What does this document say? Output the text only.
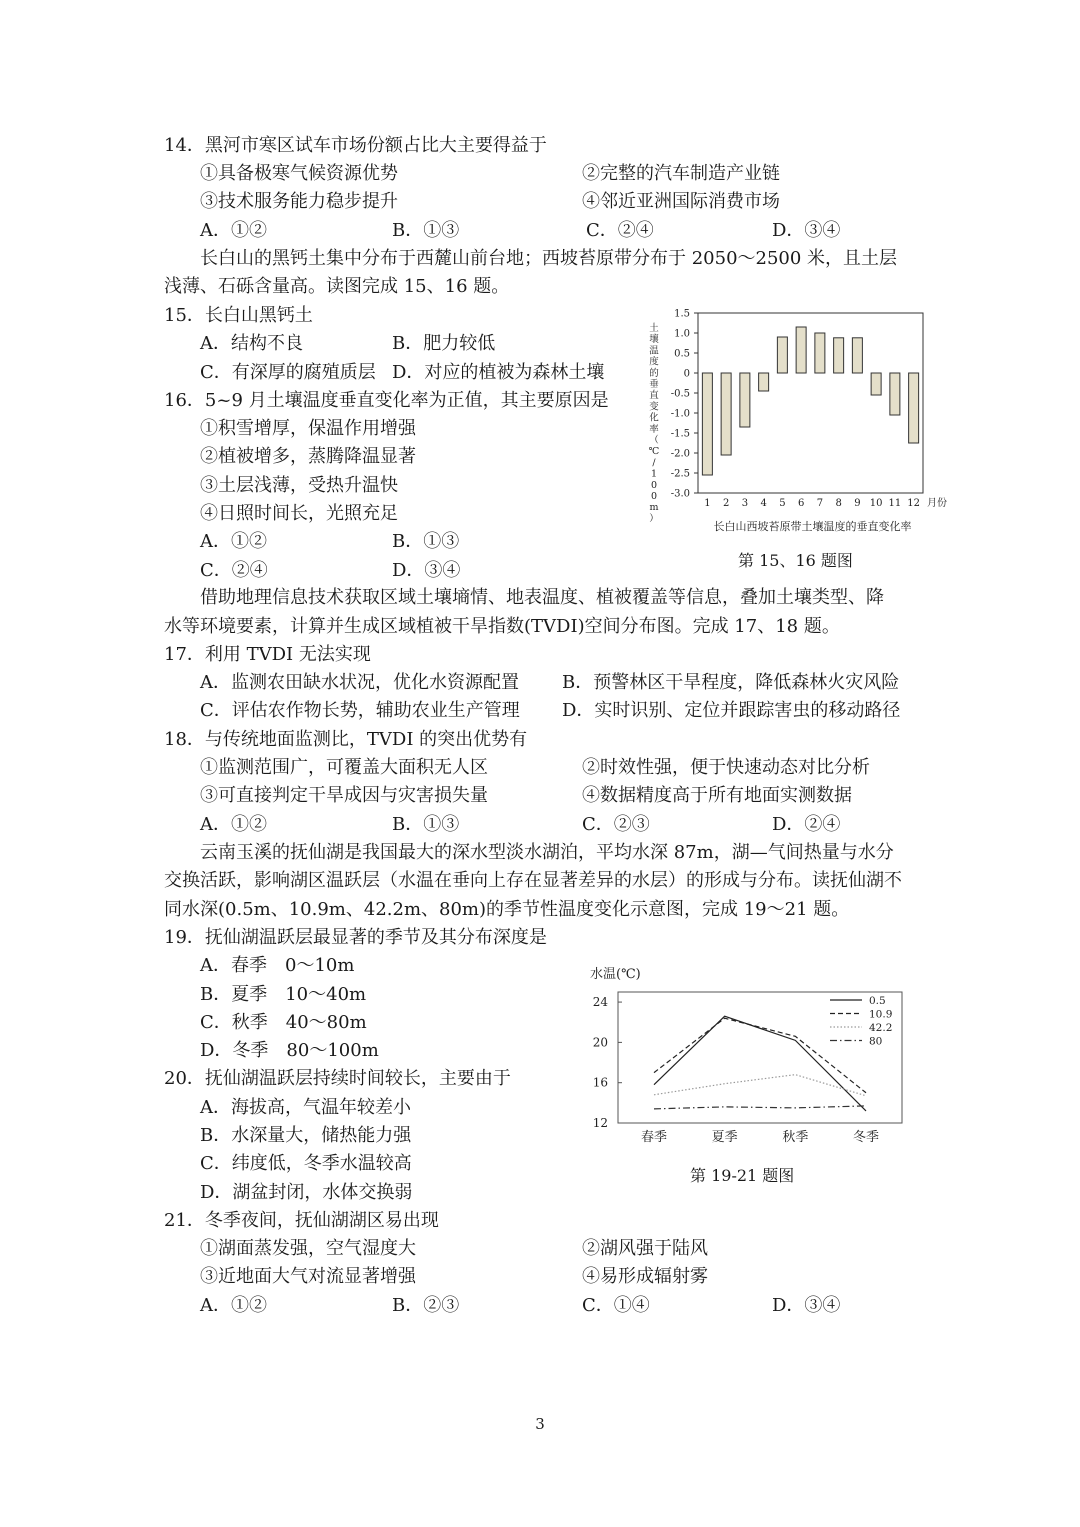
14．黑河市寒区试车市场份额占比大主要得益于
①具备极寒气候资源优势	②完整的汽车制造产业链
③技术服务能力稳步提升	④邻近亚洲国际消费市场
A．①②	B．①③	C．②④	D．③④
长白山的黑钙土集中分布于西麓山前台地；西坡苔原带分布于 2050～2500 米，且土层
浅薄、石砾含量高。读图完成 15、16 题。
15．长白山黑钙土
A．结构不良	B．肥力较低
C．有深厚的腐殖质层 D．对应的植被为森林土壤
16．5~9 月土壤温度垂直变化率为正值，其主要原因是
①积雪增厚，保温作用增强
②植被增多，蒸腾降温显著
③土层浅薄，受热升温快
④日照时间长，光照充足
A．①②	B．①③
C．②④	D．③④
1.5
1.0
0.5
0
-0.5
-1.0
-1.5
-2.0
-2.5
-3.0
1 2 3 4 5 6 7 8 9 10 11 12 月份
土壤温度的垂直变化率（℃ / 1 0 0 m ）
长白山西坡苔原带土壤温度的垂直变化率
第 15、16 题图
借助地理信息技术获取区域土壤墒情、地表温度、植被覆盖等信息，叠加土壤类型、降
水等环境要素，计算并生成区域植被干旱指数(TVDI)空间分布图。完成 17、18 题。
17．利用 TVDI 无法实现
A．监测农田缺水状况，优化水资源配置 B．预警林区干旱程度，降低森林火灾风险
C．评估农作物长势，辅助农业生产管理 D．实时识别、定位并跟踪害虫的移动路径
18．与传统地面监测比，TVDI 的突出优势有
①监测范围广，可覆盖大面积无人区	②时效性强，便于快速动态对比分析
③可直接判定干旱成因与灾害损失量	④数据精度高于所有地面实测数据
A．①②	B．①③	C．②③	D．②④
云南玉溪的抚仙湖是我国最大的深水型淡水湖泊，平均水深 87m，湖—气间热量与水分
交换活跃，影响湖区温跃层（水温在垂向上存在显著差异的水层）的形成与分布。读抚仙湖不
同水深(0.5m、10.9m、42.2m、80m)的季节性温度变化示意图，完成 19～21 题。
19．抚仙湖温跃层最显著的季节及其分布深度是
A．春季　0～10m
B．夏季　10～40m
C．秋季　40～80m
D．冬季　80～100m
20．抚仙湖温跃层持续时间较长，主要由于
A．海拔高，气温年较差小
B．水深量大，储热能力强
C．纬度低，冬季水温较高
D．湖盆封闭，水体交换弱
水温(℃)
24
20
16
12
春季	夏季	秋季	冬季
0.5
10.9
42.2
80
第 19-21 题图
21．冬季夜间，抚仙湖湖区易出现
①湖面蒸发强，空气湿度大	②湖风强于陆风
③近地面大气对流显著增强	④易形成辐射雾
A．①②	B．②③	C．①④	D．③④
3
